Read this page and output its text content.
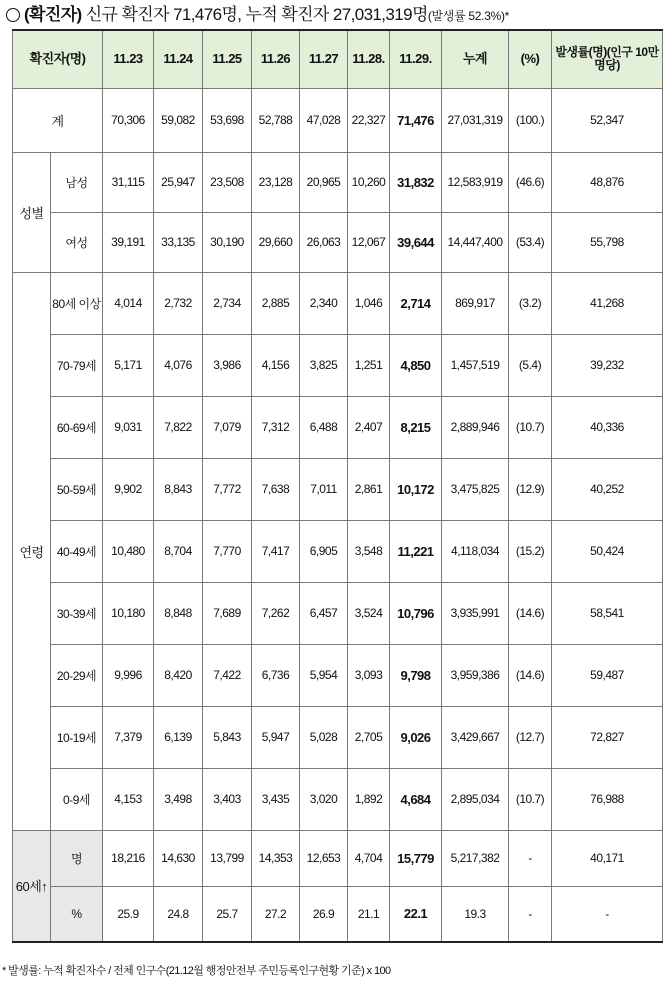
(확진자) 신규 확진자 71,476명, 누적 확진자 27,031,319명(발생률 52.3%)*
확진자(명)		11.23	11.24	11.25	11.26	11.27	11.28.	11.29.	누계	(%)	발생률(명)(인구 10만명당)
계		70,306	59,082	53,698	52,788	47,028	22,327	71,476	27,031,319	(100.)	52,347
성별	남성	31,115	25,947	23,508	23,128	20,965	10,260	31,832	12,583,919	(46.6)	48,876
	여성	39,191	33,135	30,190	29,660	26,063	12,067	39,644	14,447,400	(53.4)	55,798
연령	80세 이상	4,014	2,732	2,734	2,885	2,340	1,046	2,714	869,917	(3.2)	41,268
	70-79세	5,171	4,076	3,986	4,156	3,825	1,251	4,850	1,457,519	(5.4)	39,232
	60-69세	9,031	7,822	7,079	7,312	6,488	2,407	8,215	2,889,946	(10.7)	40,336
	50-59세	9,902	8,843	7,772	7,638	7,011	2,861	10,172	3,475,825	(12.9)	40,252
	40-49세	10,480	8,704	7,770	7,417	6,905	3,548	11,221	4,118,034	(15.2)	50,424
	30-39세	10,180	8,848	7,689	7,262	6,457	3,524	10,796	3,935,991	(14.6)	58,541
	20-29세	9,996	8,420	7,422	6,736	5,954	3,093	9,798	3,959,386	(14.6)	59,487
	10-19세	7,379	6,139	5,843	5,947	5,028	2,705	9,026	3,429,667	(12.7)	72,827
	0-9세	4,153	3,498	3,403	3,435	3,020	1,892	4,684	2,895,034	(10.7)	76,988
60세↑	명	18,216	14,630	13,799	14,353	12,653	4,704	15,779	5,217,382	-	40,171
	%	25.9	24.8	25.7	27.2	26.9	21.1	22.1	19.3	-	-
* 발생률: 누적 확진자수 / 전체 인구수(21.12월 행정안전부 주민등록인구현황 기준) x 100
